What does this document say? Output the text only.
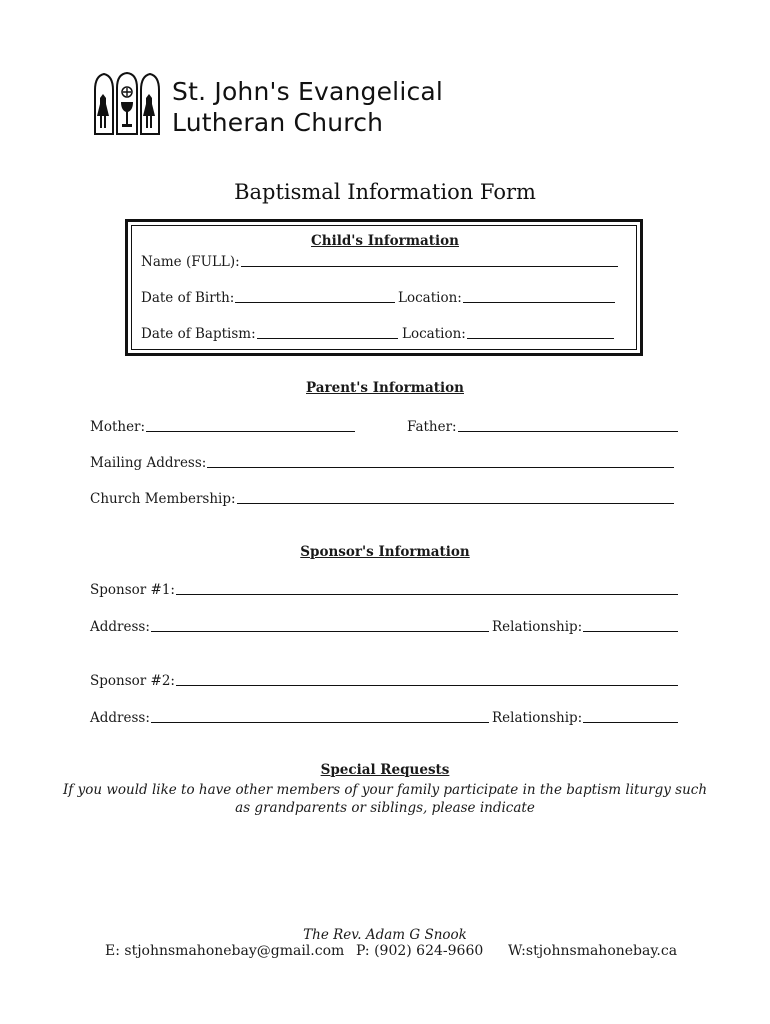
St. John's Evangelical
Lutheran Church
Baptismal Information Form
Child's Information
Name (FULL):
Date of Birth:	Location:
Date of Baptism:	Location:
Parent's Information
Mother:	Father:
Mailing Address:
Church Membership:
Sponsor's Information
Sponsor #1:
Address:	Relationship:
Sponsor #2:
Address:	Relationship:
Special Requests
If you would like to have other members of your family participate in the baptism liturgy such
as grandparents or siblings, please indicate
The Rev. Adam G Snook
E: stjohnsmahonebay@gmail.com P: (902) 624-9660 W:stjohnsmahonebay.ca
